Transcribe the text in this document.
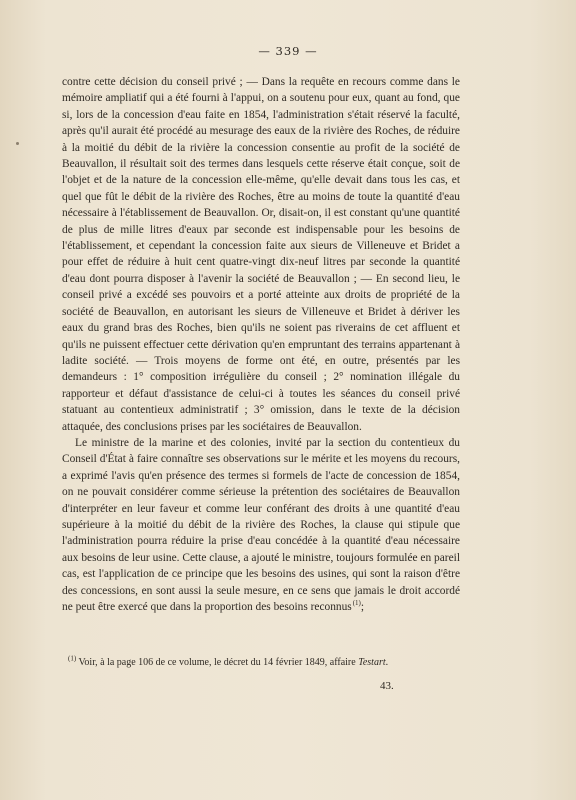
— 339 —

contre cette décision du conseil privé ; — Dans la requête en recours comme dans le mémoire ampliatif qui a été fourni à l'appui, on a soutenu pour eux, quant au fond, que si, lors de la concession d'eau faite en 1854, l'administration s'était réservé la faculté, après qu'il aurait été procédé au mesurage des eaux de la rivière des Roches, de réduire à la moitié du débit de la rivière la concession consentie au profit de la société de Beauvallon, il résultait soit des termes dans lesquels cette réserve était conçue, soit de l'objet et de la nature de la concession elle-même, qu'elle devait dans tous les cas, et quel que fût le débit de la rivière des Roches, être au moins de toute la quantité d'eau nécessaire à l'établissement de Beauvallon. Or, disait-on, il est constant qu'une quantité de plus de mille litres d'eaux par seconde est indispensable pour les besoins de l'établissement, et cependant la concession faite aux sieurs de Villeneuve et Bridet a pour effet de réduire à huit cent quatre-vingt dix-neuf litres par seconde la quantité d'eau dont pourra disposer à l'avenir la société de Beauvallon ; — En second lieu, le conseil privé a excédé ses pouvoirs et a porté atteinte aux droits de propriété de la société de Beauvallon, en autorisant les sieurs de Villeneuve et Bridet à dériver les eaux du grand bras des Roches, bien qu'ils ne soient pas riverains de cet affluent et qu'ils ne puissent effectuer cette dérivation qu'en empruntant des terrains appartenant à ladite société. — Trois moyens de forme ont été, en outre, présentés par les demandeurs : 1° composition irrégulière du conseil ; 2° nomination illégale du rapporteur et défaut d'assistance de celui-ci à toutes les séances du conseil privé statuant au contentieux administratif ; 3° omission, dans le texte de la décision attaquée, des conclusions prises par les sociétaires de Beauvallon.

Le ministre de la marine et des colonies, invité par la section du contentieux du Conseil d'État à faire connaître ses observations sur le mérite et les moyens du recours, a exprimé l'avis qu'en présence des termes si formels de l'acte de concession de 1854, on ne pouvait considérer comme sérieuse la prétention des sociétaires de Beauvallon d'interpréter en leur faveur et comme leur conférant des droits à une quantité d'eau supérieure à la moitié du débit de la rivière des Roches, la clause qui stipule que l'administration pourra réduire la prise d'eau concédée à la quantité d'eau nécessaire aux besoins de leur usine. Cette clause, a ajouté le ministre, toujours formulée en pareil cas, est l'application de ce principe que les besoins des usines, qui sont la raison d'être des concessions, en sont aussi la seule mesure, en ce sens que jamais le droit accordé ne peut être exercé que dans la proportion des besoins reconnus $^{(1)}$;

$^{(1)}$ Voir, à la page 106 de ce volume, le décret du 14 février 1849, affaire Testart.
43.
